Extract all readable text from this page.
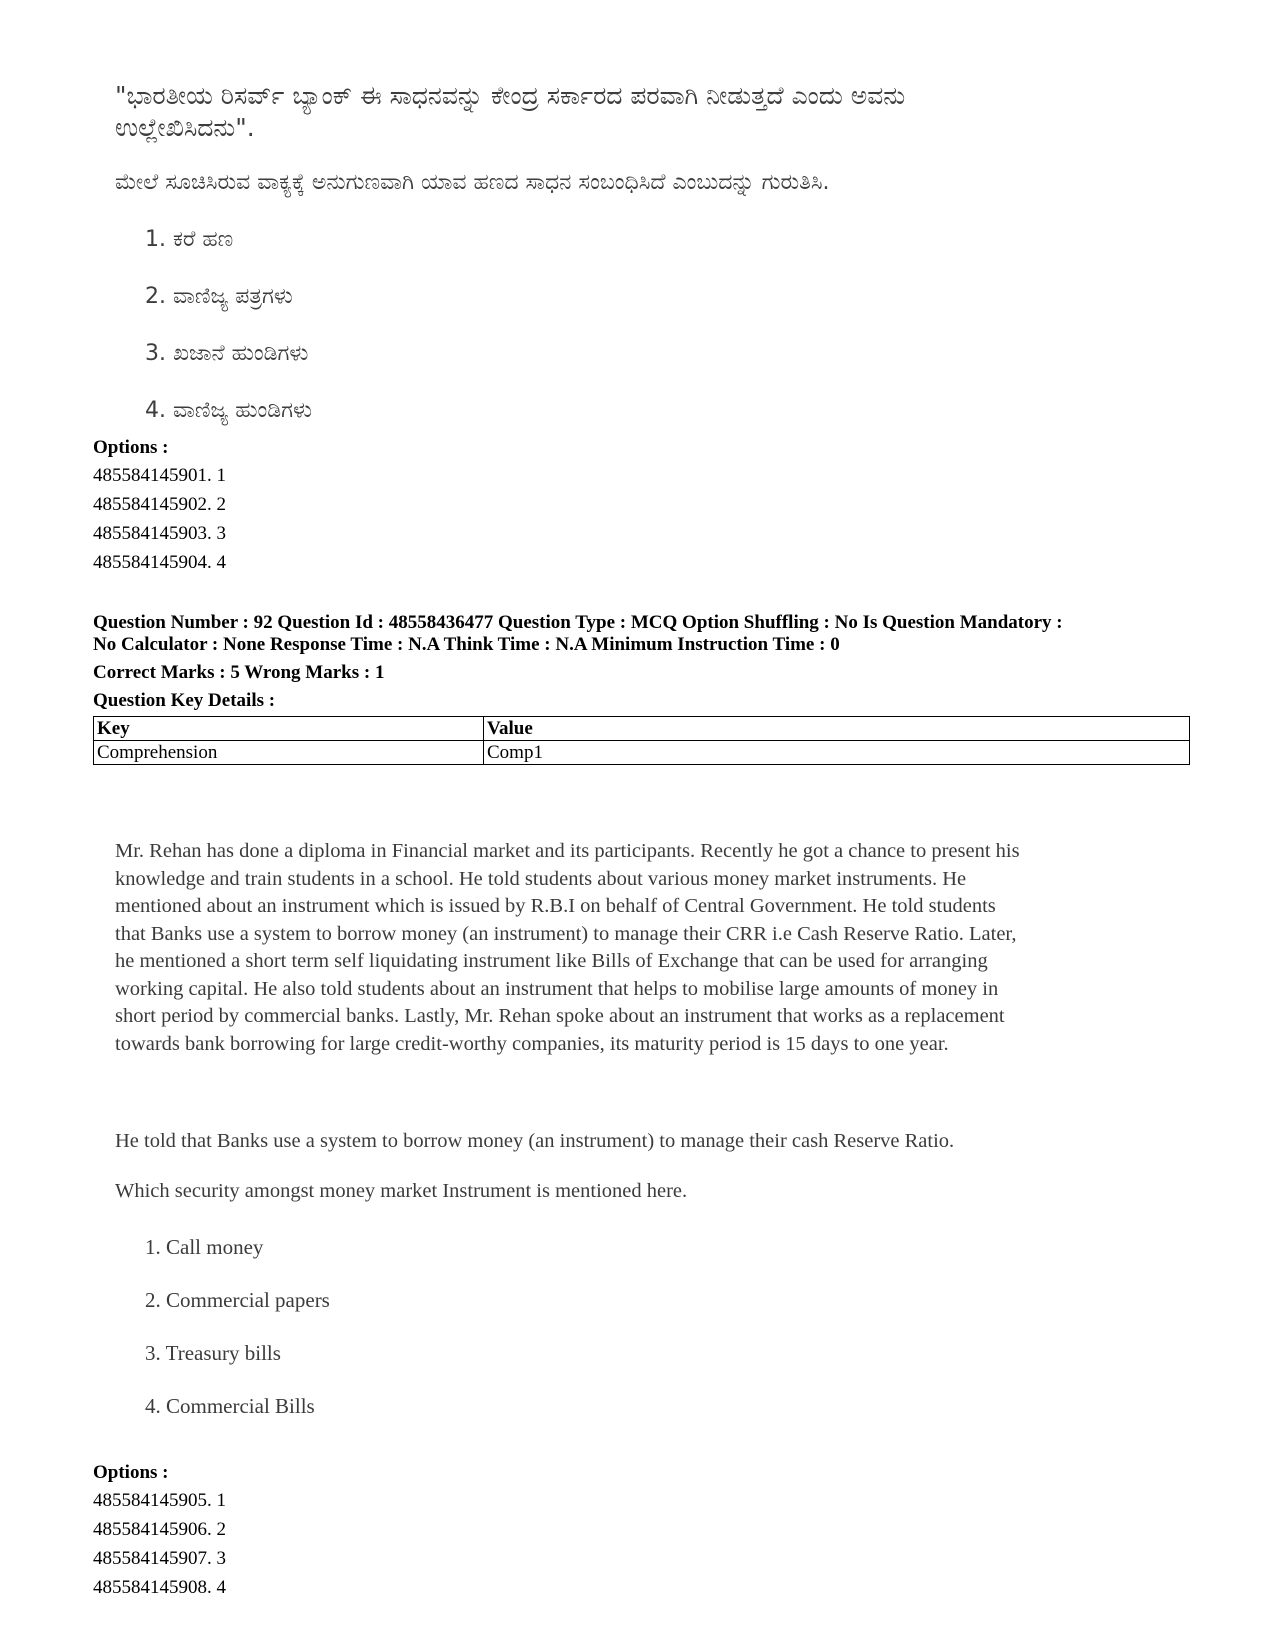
"ಭಾರತೀಯ ರಿಸರ್ವ್ ಬ್ಯಾಂಕ್ ಈ ಸಾಧನವನ್ನು ಕೇಂದ್ರ ಸರ್ಕಾರದ ಪರವಾಗಿ ನೀಡುತ್ತದೆ ಎಂದು ಅವನು
ಉಲ್ಲೇಖಿಸಿದನು".
ಮೇಲೆ ಸೂಚಿಸಿರುವ ವಾಕ್ಯಕ್ಕೆ ಅನುಗುಣವಾಗಿ ಯಾವ ಹಣದ ಸಾಧನ ಸಂಬಂಧಿಸಿದೆ ಎಂಬುದನ್ನು ಗುರುತಿಸಿ.
1. ಕರೆ ಹಣ
2. ವಾಣಿಜ್ಯ ಪತ್ರಗಳು
3. ಖಜಾನೆ ಹುಂಡಿಗಳು
4. ವಾಣಿಜ್ಯ ಹುಂಡಿಗಳು
Options :
485584145901. 1
485584145902. 2
485584145903. 3
485584145904. 4
Question Number : 92 Question Id : 48558436477 Question Type : MCQ Option Shuffling : No Is Question Mandatory :
No Calculator : None Response Time : N.A Think Time : N.A Minimum Instruction Time : 0
Correct Marks : 5 Wrong Marks : 1
Question Key Details :
Key	Value
Comprehension	Comp1
Mr. Rehan has done a diploma in Financial market and its participants. Recently he got a chance to present his
knowledge and train students in a school. He told students about various money market instruments. He
mentioned about an instrument which is issued by R.B.I on behalf of Central Government. He told students
that Banks use a system to borrow money (an instrument) to manage their CRR i.e Cash Reserve Ratio. Later,
he mentioned a short term self liquidating instrument like Bills of Exchange that can be used for arranging
working capital. He also told students about an instrument that helps to mobilise large amounts of money in
short period by commercial banks. Lastly, Mr. Rehan spoke about an instrument that works as a replacement
towards bank borrowing for large credit-worthy companies, its maturity period is 15 days to one year.
He told that Banks use a system to borrow money (an instrument) to manage their cash Reserve Ratio.
Which security amongst money market Instrument is mentioned here.
1. Call money
2. Commercial papers
3. Treasury bills
4. Commercial Bills
Options :
485584145905. 1
485584145906. 2
485584145907. 3
485584145908. 4
